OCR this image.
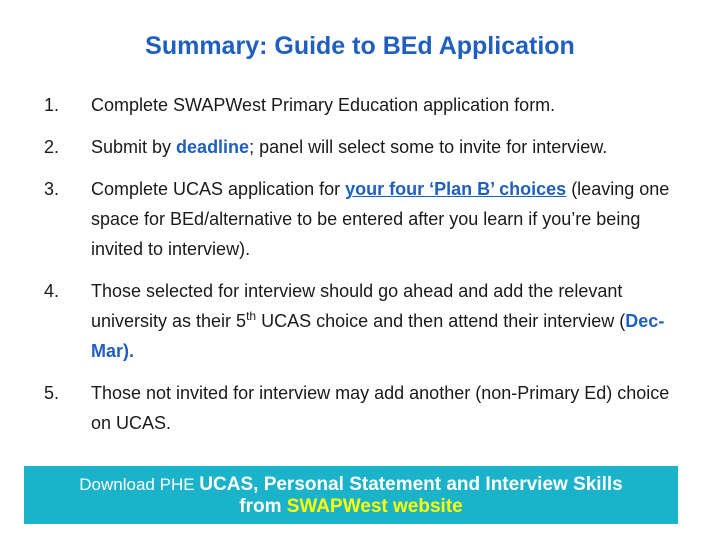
Summary: Guide to BEd Application
1.	Complete SWAPWest Primary Education application form.
2.	Submit by deadline; panel will select some to invite for interview.
3.	Complete UCAS application for your four ‘Plan B’ choices (leaving one space for BEd/alternative to be entered after you learn if you’re being invited to interview).
4.	Those selected for interview should go ahead and add the relevant university as their 5th UCAS choice and then attend their interview (Dec-Mar).
5.	Those not invited for interview may add another (non-Primary Ed) choice on UCAS.
Download PHE UCAS, Personal Statement and Interview Skills
from SWAPWest website
